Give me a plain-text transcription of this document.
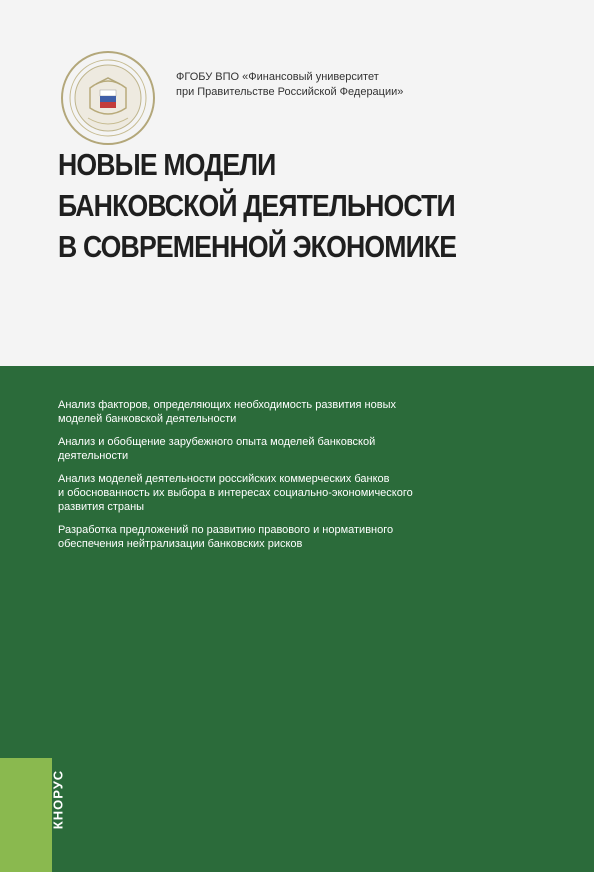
ФГОБУ ВПО «Финансовый университет
при Правительстве Российской Федерации»
НОВЫЕ МОДЕЛИ
БАНКОВСКОЙ ДЕЯТЕЛЬНОСТИ
В СОВРЕМЕННОЙ ЭКОНОМИКЕ
КНОРУС
Анализ факторов, определяющих необходимость развития новых
моделей банковской деятельности
Анализ и обобщение зарубежного опыта моделей банковской
деятельности
Анализ моделей деятельности российских коммерческих банков
и обоснованность их выбора в интересах социально-экономического
развития страны
Разработка предложений по развитию правового и нормативного
обеспечения нейтрализации банковских рисков
